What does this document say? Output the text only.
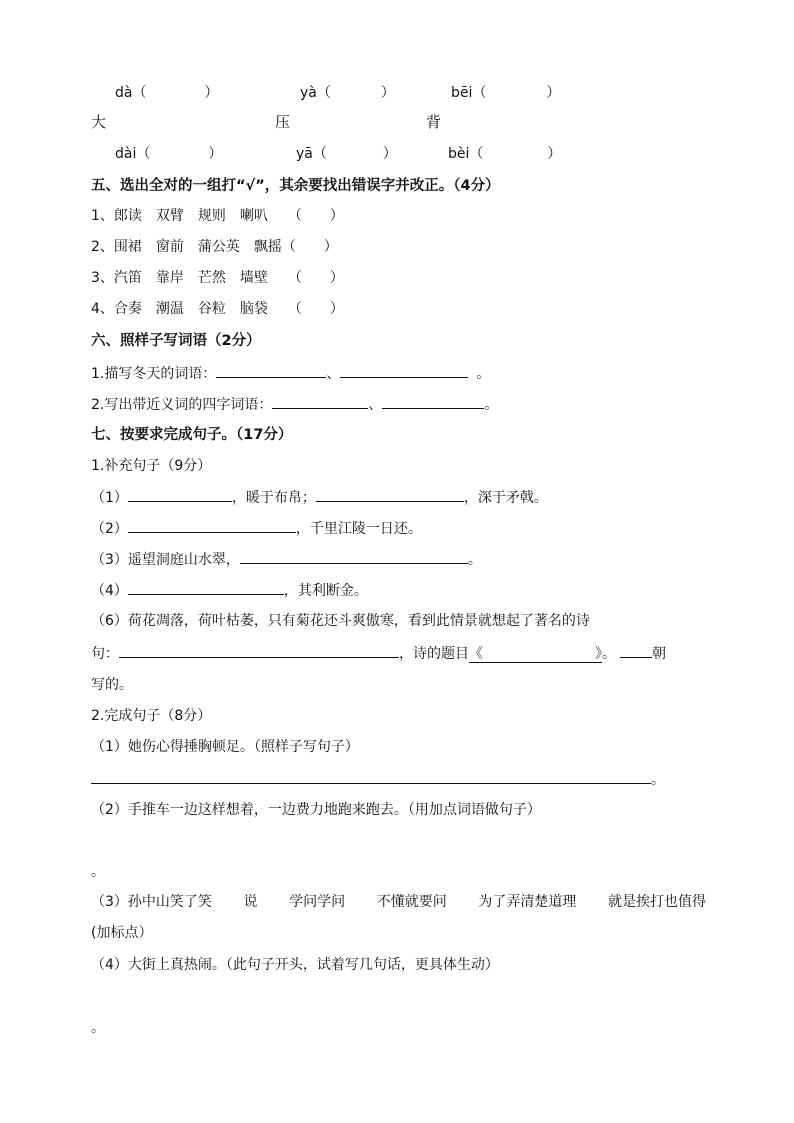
dà（	）	yà（	）	bēi（	）
大	压	背
dài（	）	yā（	）	bèi（	）
五、选出全对的一组打“√”，其余要找出错误字并改正。（4分）
1、郎读 双臂 规则 喇叭 （　　）
2、围裙 窗前 蒲公英 飘摇（　　）
3、汽笛 靠岸 芒然 墙壁 （　　）
4、合奏 潮温 谷粒 脑袋 （　　）
六、照样子写词语（2分）
1.描写冬天的词语：	、	。
2.写出带近义词的四字词语：	、	。
七、按要求完成句子。（17分）
1.补充句子（9分）
（1）	，暖于布帛；	，深于矛戟。
（2）	，千里江陵一日还。
（3）遥望洞庭山水翠，	。
（4）	，其利断金。
（6）荷花凋落，荷叶枯萎，只有菊花还斗爽傲寒，看到此情景就想起了著名的诗
句：	，诗的题目《	》。	朝
写的。
2.完成句子（8分）
（1）她伤心得捶胸顿足。（照样子写句子）
。
（2）手推车一边这样想着，一边费力地跑来跑去。（用加点词语做句子）
。
（3）孙中山笑了笑 说 学问学问 不懂就要问 为了弄清楚道理 就是挨打也值得
(加标点）
（4）大街上真热闹。（此句子开头，试着写几句话，更具体生动）
。
